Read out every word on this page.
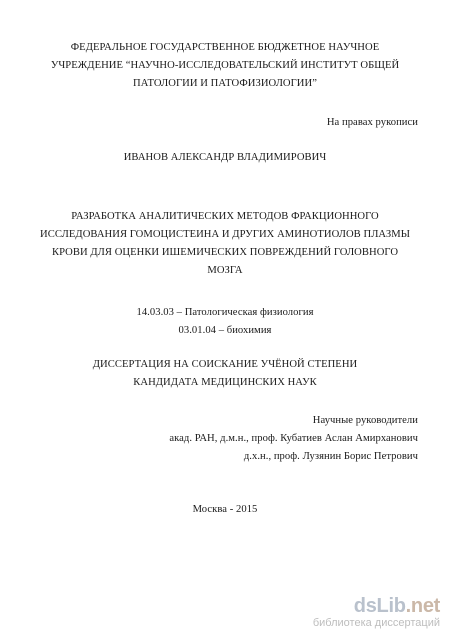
ФЕДЕРАЛЬНОЕ ГОСУДАРСТВЕННОЕ БЮДЖЕТНОЕ НАУЧНОЕ
УЧРЕЖДЕНИЕ “НАУЧНО-ИССЛЕДОВАТЕЛЬСКИЙ ИНСТИТУТ ОБЩЕЙ
ПАТОЛОГИИ И ПАТОФИЗИОЛОГИИ”
На правах рукописи
ИВАНОВ АЛЕКСАНДР ВЛАДИМИРОВИЧ
РАЗРАБОТКА АНАЛИТИЧЕСКИХ МЕТОДОВ ФРАКЦИОННОГО
ИССЛЕДОВАНИЯ ГОМОЦИСТЕИНА И ДРУГИХ АМИНОТИОЛОВ ПЛАЗМЫ
КРОВИ ДЛЯ ОЦЕНКИ ИШЕМИЧЕСКИХ ПОВРЕЖДЕНИЙ ГОЛОВНОГО
МОЗГА
14.03.03 – Патологическая физиология
03.01.04 – биохимия
ДИССЕРТАЦИЯ НА СОИСКАНИЕ УЧЁНОЙ СТЕПЕНИ
КАНДИДАТА МЕДИЦИНСКИХ НАУК
Научные руководители
акад. РАН, д.м.н., проф. Кубатиев Аслан Амирханович
д.х.н., проф. Лузянин Борис Петрович
Москва - 2015
dsLib.net
библиотека диссертаций
